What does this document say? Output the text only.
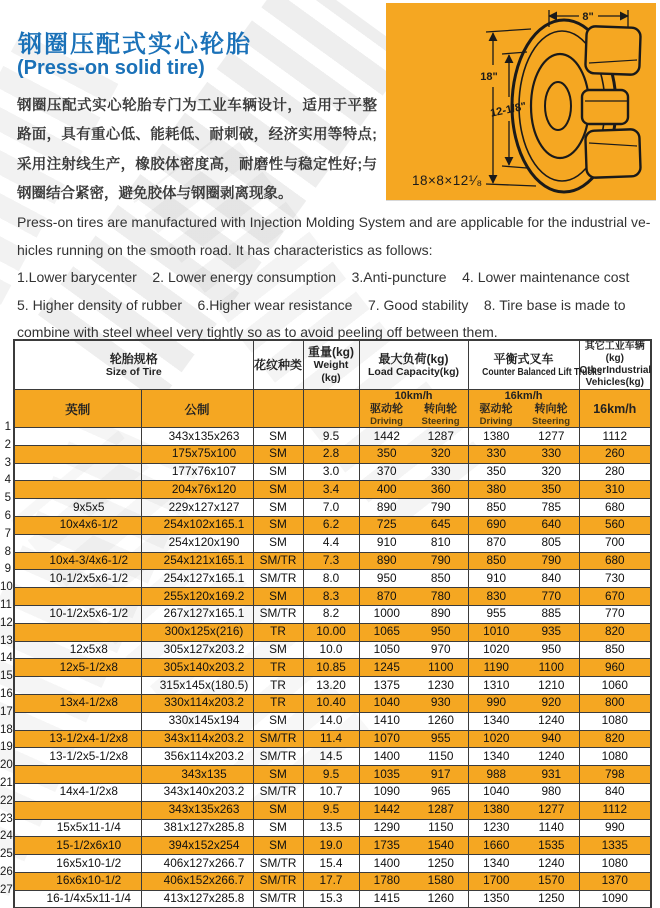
钢圈压配式实心轮胎
(Press-on solid tire)
钢圈压配式实心轮胎专门为工业车辆设计，适用于平整路面，具有重心低、能耗低、耐刺破，经济实用等特点;采用注射线生产，橡胶体密度高，耐磨性与稳定性好;与钢圈结合紧密，避免胶体与钢圈剥离现象。
8"
18"
12-1/8"
18×8×12¹⁄₈
Press-on tires are manufactured with Injection Molding System and are applicable for the industrial ve-
hicles running on the smooth road. It has characteristics as follows:
1.Lower barycenter    2. Lower energy consumption    3.Anti-puncture    4. Lower maintenance cost
5. Higher density of rubber    6.Higher wear resistance    7. Good stability    8. Tire base is made to
combine with steel wheel very tightly so as to avoid peeling off between them.
1
2
3
4
5
6
7
8
9
10
11
12
13
14
15
16
17
18
19
20
21
22
23
24
25
26
27
轮胎规格
Size of Tire	花纹种类

重量(kg)
Weight (kg)

最大负荷(kg)
Load Capacity(kg)

平衡式叉车
Counter Balanced Lift Trucks

其它工业车辆(kg)
OtherIndustrial
Vehicles(kg)

英制	公制			
10km/h
驱动轮	转向轮
Driving	Steering

16km/h
驱动轮	转向轮
Driving	Steering
	16km/h
	343x135x263	SM	9.5	1442	1287	1380	1277	1112
	175x75x100	SM	2.8	350	320	330	330	260
	177x76x107	SM	3.0	370	330	350	320	280
	204x76x120	SM	3.4	400	360	380	350	310
9x5x5	229x127x127	SM	7.0	890	790	850	785	680
10x4x6-1/2	254x102x165.1	SM	6.2	725	645	690	640	560
	254x120x190	SM	4.4	910	810	870	805	700
10x4-3/4x6-1/2	254x121x165.1	SM/TR	7.3	890	790	850	790	680
10-1/2x5x6-1/2	254x127x165.1	SM/TR	8.0	950	850	910	840	730
	255x120x169.2	SM	8.3	870	780	830	770	670
10-1/2x5x6-1/2	267x127x165.1	SM/TR	8.2	1000	890	955	885	770
	300x125x(216)	TR	10.00	1065	950	1010	935	820
12x5x8	305x127x203.2	SM	10.0	1050	970	1020	950	850
12x5-1/2x8	305x140x203.2	TR	10.85	1245	1100	1190	1100	960
	315x145x(180.5)	TR	13.20	1375	1230	1310	1210	1060
13x4-1/2x8	330x114x203.2	TR	10.40	1040	930	990	920	800
	330x145x194	SM	14.0	1410	1260	1340	1240	1080
13-1/2x4-1/2x8	343x114x203.2	SM/TR	11.4	1070	955	1020	940	820
13-1/2x5-1/2x8	356x114x203.2	SM/TR	14.5	1400	1150	1340	1240	1080
	343x135	SM	9.5	1035	917	988	931	798
14x4-1/2x8	343x140x203.2	SM/TR	10.7	1090	965	1040	980	840
	343x135x263	SM	9.5	1442	1287	1380	1277	1112
15x5x11-1/4	381x127x285.8	SM	13.5	1290	1150	1230	1140	990
15-1/2x6x10	394x152x254	SM	19.0	1735	1540	1660	1535	1335
16x5x10-1/2	406x127x266.7	SM/TR	15.4	1400	1250	1340	1240	1080
16x6x10-1/2	406x152x266.7	SM/TR	17.7	1780	1580	1700	1570	1370
16-1/4x5x11-1/4	413x127x285.8	SM/TR	15.3	1415	1260	1350	1250	1090
